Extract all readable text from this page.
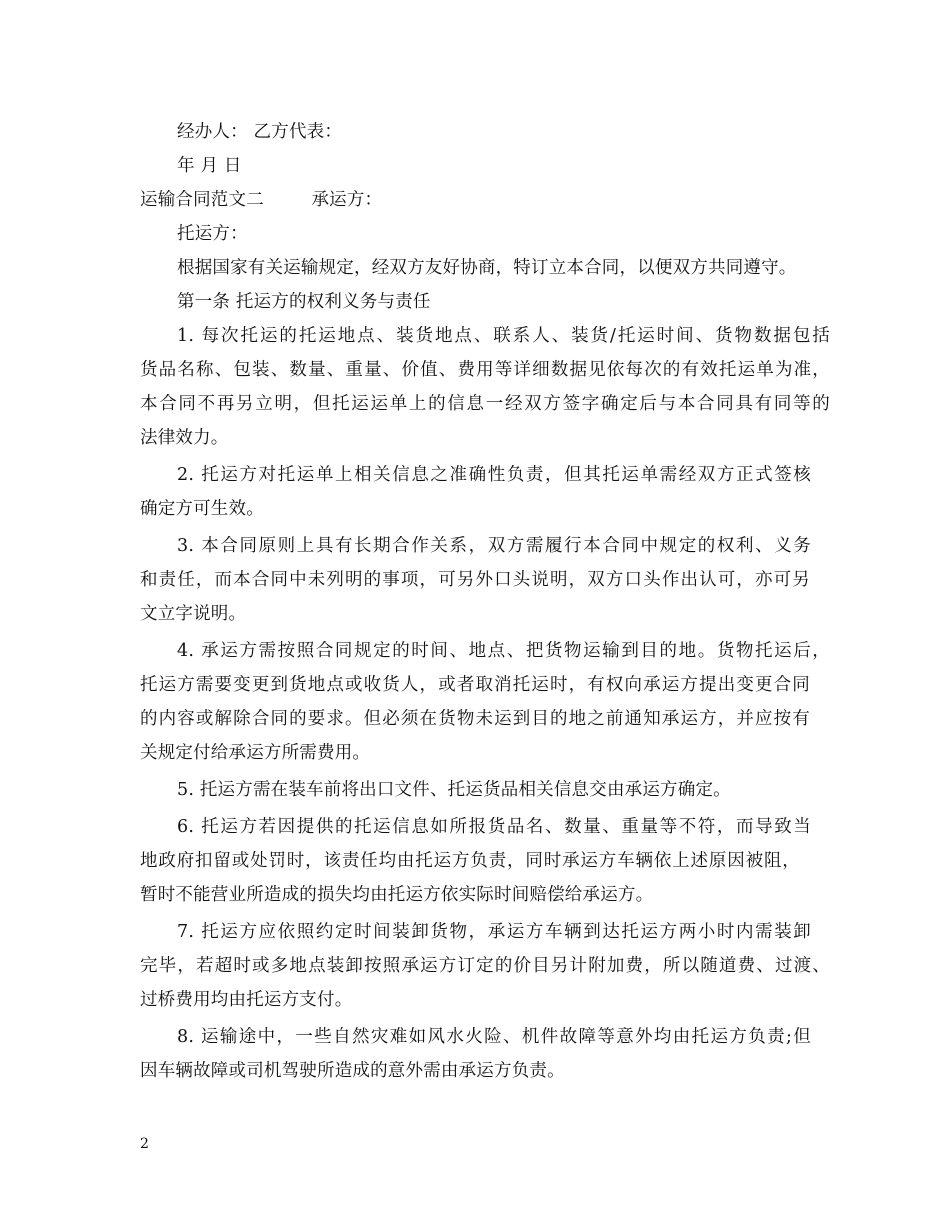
经办人： 乙方代表：
年 月 日
运输合同范文二	承运方：
托运方：
根据国家有关运输规定，经双方友好协商，特订立本合同，以便双方共同遵守。
第一条 托运方的权利义务与责任
1. 每次托运的托运地点、装货地点、联系人、装货/托运时间、货物数据包括
货品名称、包装、数量、重量、价值、费用等详细数据见依每次的有效托运单为准，
本合同不再另立明，但托运运单上的信息一经双方签字确定后与本合同具有同等的
法律效力。
2. 托运方对托运单上相关信息之准确性负责，但其托运单需经双方正式签核
确定方可生效。
3. 本合同原则上具有长期合作关系，双方需履行本合同中规定的权利、义务
和责任，而本合同中未列明的事项，可另外口头说明，双方口头作出认可，亦可另
文立字说明。
4. 承运方需按照合同规定的时间、地点、把货物运输到目的地。货物托运后，
托运方需要变更到货地点或收货人，或者取消托运时，有权向承运方提出变更合同
的内容或解除合同的要求。但必须在货物未运到目的地之前通知承运方，并应按有
关规定付给承运方所需费用。
5. 托运方需在装车前将出口文件、托运货品相关信息交由承运方确定。
6. 托运方若因提供的托运信息如所报货品名、数量、重量等不符，而导致当
地政府扣留或处罚时，该责任均由托运方负责，同时承运方车辆依上述原因被阻，
暂时不能营业所造成的损失均由托运方依实际时间赔偿给承运方。
7. 托运方应依照约定时间装卸货物，承运方车辆到达托运方两小时内需装卸
完毕，若超时或多地点装卸按照承运方订定的价目另计附加费，所以随道费、过渡、
过桥费用均由托运方支付。
8. 运输途中，一些自然灾难如风水火险、机件故障等意外均由托运方负责;但
因车辆故障或司机驾驶所造成的意外需由承运方负责。
2
